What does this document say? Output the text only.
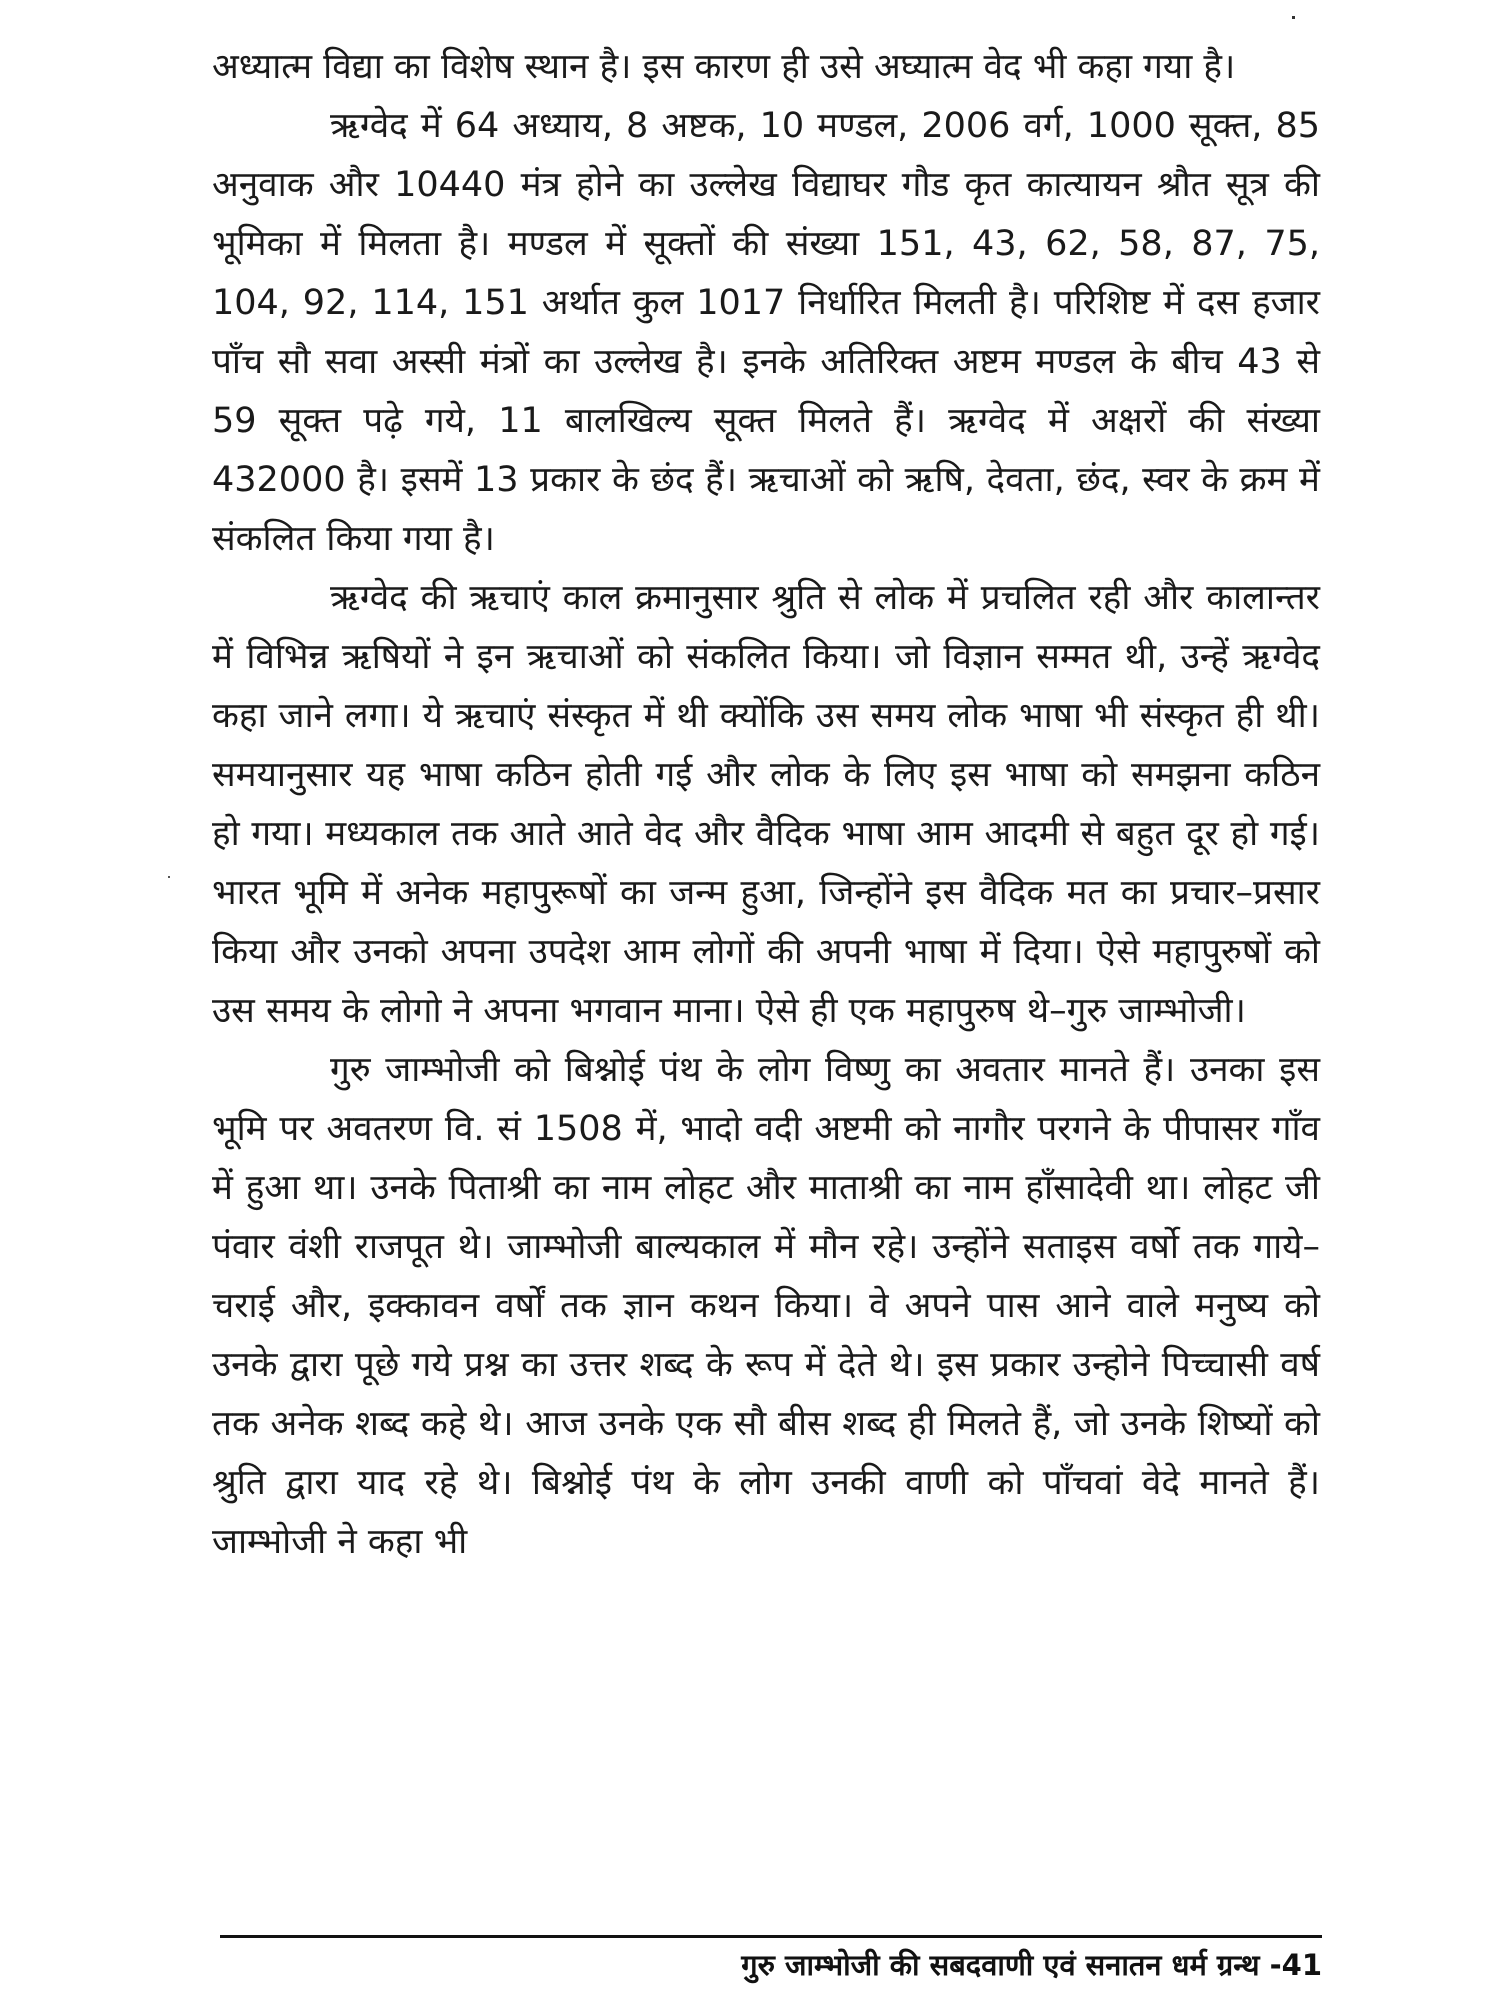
अध्यात्म विद्या का विशेष स्थान है। इस कारण ही उसे अघ्यात्म वेद भी कहा गया है।

ऋग्वेद में 64 अध्याय, 8 अष्टक, 10 मण्डल, 2006 वर्ग, 1000 सूक्त, 85 अनुवाक और 10440 मंत्र होने का उल्लेख विद्याघर गौड कृत कात्यायन श्रौत सूत्र की भूमिका में मिलता है। मण्डल में सूक्तों की संख्या 151, 43, 62, 58, 87, 75, 104, 92, 114, 151 अर्थात कुल 1017 निर्धारित मिलती है। परिशिष्ट में दस हजार पाँच सौ सवा अस्सी मंत्रों का उल्लेख है। इनके अतिरिक्त अष्टम मण्डल के बीच 43 से 59 सूक्त पढ़े गये, 11 बालखिल्य सूक्त मिलते हैं। ऋग्वेद में अक्षरों की संख्या 432000 है। इसमें 13 प्रकार के छंद हैं। ऋचाओं को ऋषि, देवता, छंद, स्वर के क्रम में संकलित किया गया है।

ऋग्वेद की ऋचाएं काल क्रमानुसार श्रुति से लोक में प्रचलित रही और कालान्तर में विभिन्न ऋषियों ने इन ऋचाओं को संकलित किया। जो विज्ञान सम्मत थी, उन्हें ऋग्वेद कहा जाने लगा। ये ऋचाएं संस्कृत में थी क्योंकि उस समय लोक भाषा भी संस्कृत ही थी। समयानुसार यह भाषा कठिन होती गई और लोक के लिए इस भाषा को समझना कठिन हो गया। मध्यकाल तक आते आते वेद और वैदिक भाषा आम आदमी से बहुत दूर हो गई। भारत भूमि में अनेक महापुरूषों का जन्म हुआ, जिन्होंने इस वैदिक मत का प्रचार–प्रसार किया और उनको अपना उपदेश आम लोगों की अपनी भाषा में दिया। ऐसे महापुरुषों को उस समय के लोगो ने अपना भगवान माना। ऐसे ही एक महापुरुष थे–गुरु जाम्भोजी।

गुरु जाम्भोजी को बिश्नोई पंथ के लोग विष्णु का अवतार मानते हैं। उनका इस भूमि पर अवतरण वि. सं 1508 में, भादो वदी अष्टमी को नागौर परगने के पीपासर गाँव में हुआ था। उनके पिताश्री का नाम लोहट और माताश्री का नाम हाँसादेवी था। लोहट जी पंवार वंशी राजपूत थे। जाम्भोजी बाल्यकाल में मौन रहे। उन्होंने सताइस वर्षो तक गाये– चराई और, इक्कावन वर्षों तक ज्ञान कथन किया। वे अपने पास आने वाले मनुष्य को उनके द्वारा पूछे गये प्रश्न का उत्तर शब्द के रूप में देते थे। इस प्रकार उन्होने पिच्चासी वर्ष तक अनेक शब्द कहे थे। आज उनके एक सौ बीस शब्द ही मिलते हैं, जो उनके शिष्यों को श्रुति द्वारा याद रहे थे। बिश्नोई पंथ के लोग उनकी वाणी को पाँचवां वेदे मानते हैं। जाम्भोजी ने कहा भी

गुरु जाम्भोजी की सबदवाणी एवं सनातन धर्म ग्रन्थ -41
